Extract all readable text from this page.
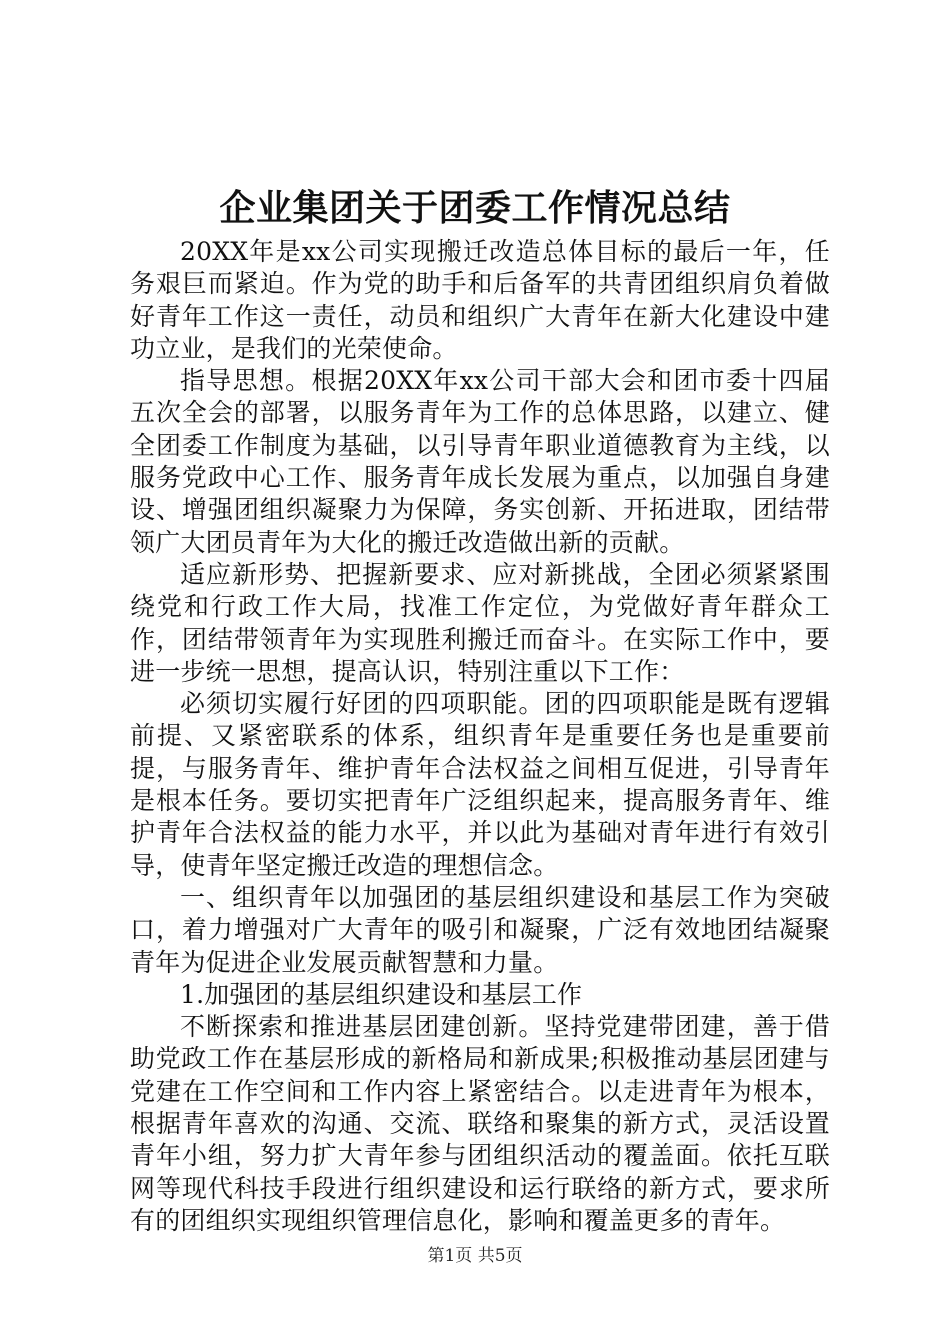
企业集团关于团委工作情况总结

20XX年是xx公司实现搬迁改造总体目标的最后一年，任务艰巨而紧迫。作为党的助手和后备军的共青团组织肩负着做好青年工作这一责任，动员和组织广大青年在新大化建设中建功立业，是我们的光荣使命。

指导思想。根据20XX年xx公司干部大会和团市委十四届五次全会的部署，以服务青年为工作的总体思路，以建立、健全团委工作制度为基础，以引导青年职业道德教育为主线，以服务党政中心工作、服务青年成长发展为重点，以加强自身建设、增强团组织凝聚力为保障，务实创新、开拓进取，团结带领广大团员青年为大化的搬迁改造做出新的贡献。

适应新形势、把握新要求、应对新挑战，全团必须紧紧围绕党和行政工作大局，找准工作定位，为党做好青年群众工作，团结带领青年为实现胜利搬迁而奋斗。在实际工作中，要进一步统一思想，提高认识，特别注重以下工作：

必须切实履行好团的四项职能。团的四项职能是既有逻辑前提、又紧密联系的体系，组织青年是重要任务也是重要前提，与服务青年、维护青年合法权益之间相互促进，引导青年是根本任务。要切实把青年广泛组织起来，提高服务青年、维护青年合法权益的能力水平，并以此为基础对青年进行有效引导，使青年坚定搬迁改造的理想信念。

一、组织青年以加强团的基层组织建设和基层工作为突破口，着力增强对广大青年的吸引和凝聚，广泛有效地团结凝聚青年为促进企业发展贡献智慧和力量。

1.加强团的基层组织建设和基层工作

不断探索和推进基层团建创新。坚持党建带团建，善于借助党政工作在基层形成的新格局和新成果;积极推动基层团建与党建在工作空间和工作内容上紧密结合。以走进青年为根本，根据青年喜欢的沟通、交流、联络和聚集的新方式，灵活设置青年小组，努力扩大青年参与团组织活动的覆盖面。依托互联网等现代科技手段进行组织建设和运行联络的新方式，要求所有的团组织实现组织管理信息化，影响和覆盖更多的青年。

第1页 共5页
